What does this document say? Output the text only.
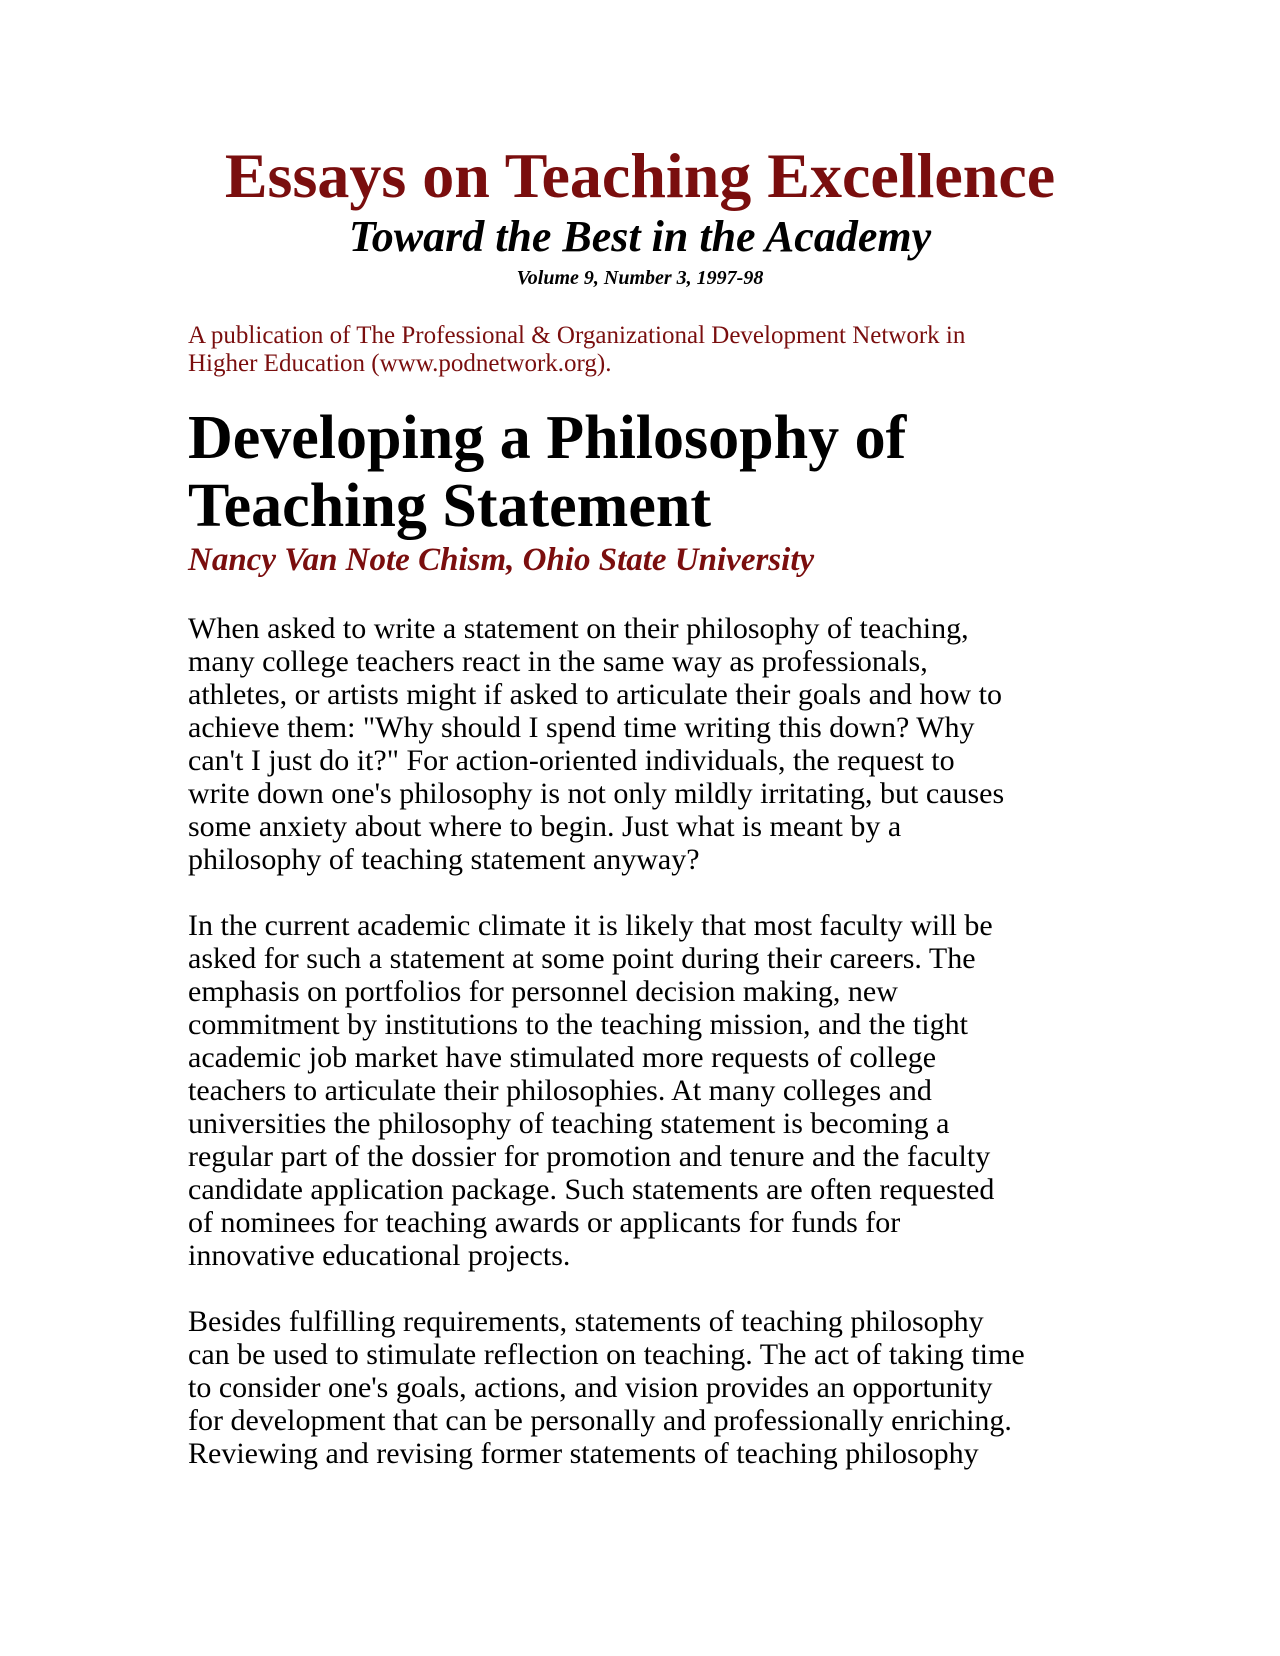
Essays on Teaching Excellence
Toward the Best in the Academy
Volume 9, Number 3, 1997-98
A publication of The Professional & Organizational Development Network in
Higher Education (www.podnetwork.org).
Developing a Philosophy of
Teaching Statement
Nancy Van Note Chism, Ohio State University
When asked to write a statement on their philosophy of teaching,
many college teachers react in the same way as professionals,
athletes, or artists might if asked to articulate their goals and how to
achieve them: "Why should I spend time writing this down? Why
can't I just do it?" For action-oriented individuals, the request to
write down one's philosophy is not only mildly irritating, but causes
some anxiety about where to begin. Just what is meant by a
philosophy of teaching statement anyway?
In the current academic climate it is likely that most faculty will be
asked for such a statement at some point during their careers. The
emphasis on portfolios for personnel decision making, new
commitment by institutions to the teaching mission, and the tight
academic job market have stimulated more requests of college
teachers to articulate their philosophies. At many colleges and
universities the philosophy of teaching statement is becoming a
regular part of the dossier for promotion and tenure and the faculty
candidate application package. Such statements are often requested
of nominees for teaching awards or applicants for funds for
innovative educational projects.
Besides fulfilling requirements, statements of teaching philosophy
can be used to stimulate reflection on teaching. The act of taking time
to consider one's goals, actions, and vision provides an opportunity
for development that can be personally and professionally enriching.
Reviewing and revising former statements of teaching philosophy
